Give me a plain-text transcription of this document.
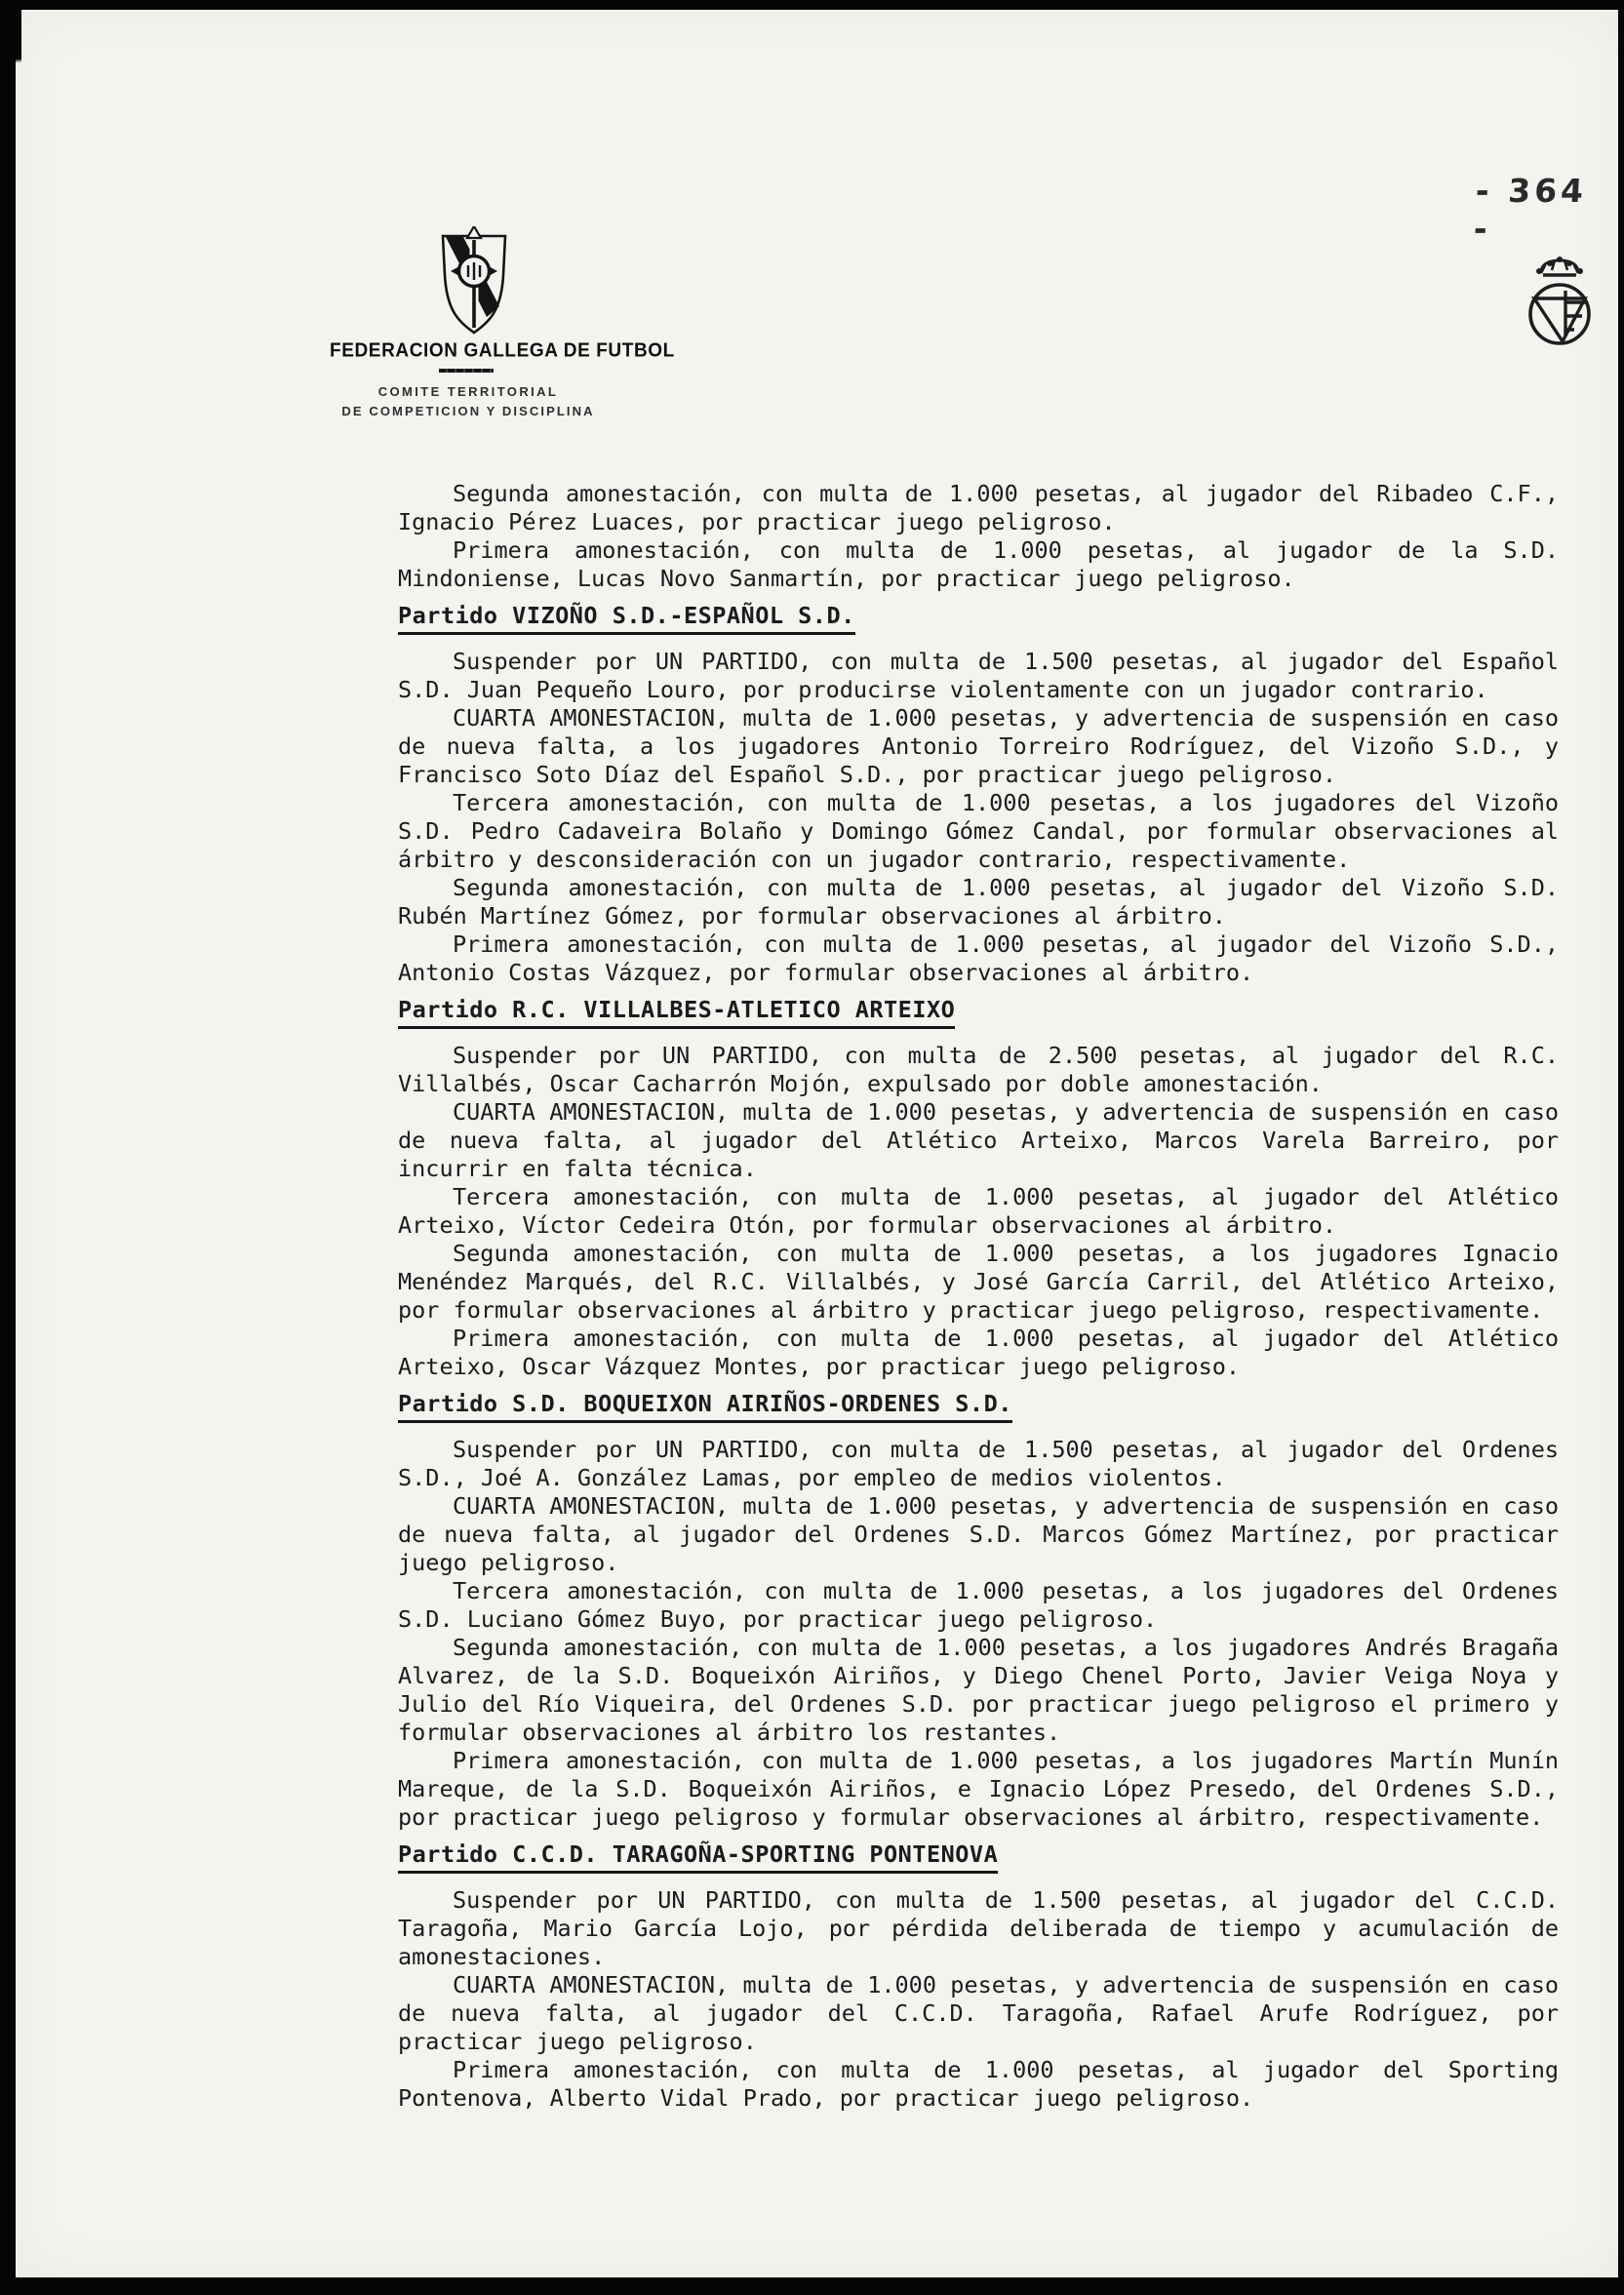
- 364 -
FEDERACION GALLEGA DE FUTBOL
COMITE TERRITORIAL
DE COMPETICION Y DISCIPLINA

Segunda amonestación, con multa de 1.000 pesetas, al jugador del Ribadeo C.F., Ignacio Pérez Luaces, por practicar juego peligroso.

Primera amonestación, con multa de 1.000 pesetas, al jugador de la S.D. Mindoniense, Lucas Novo Sanmartín, por practicar juego peligroso.

Partido VIZOÑO S.D.-ESPAÑOL S.D.

Suspender por UN PARTIDO, con multa de 1.500 pesetas, al jugador del Español S.D. Juan Pequeño Louro, por producirse violentamente con un jugador contrario.

CUARTA AMONESTACION, multa de 1.000 pesetas, y advertencia de suspensión en caso de nueva falta, a los jugadores Antonio Torreiro Rodríguez, del Vizoño S.D., y Francisco Soto Díaz del Español S.D., por practicar juego peligroso.

Tercera amonestación, con multa de 1.000 pesetas, a los jugadores del Vizoño S.D. Pedro Cadaveira Bolaño y Domingo Gómez Candal, por formular observaciones al árbitro y desconsideración con un jugador contrario, respectivamente.

Segunda amonestación, con multa de 1.000 pesetas, al jugador del Vizoño S.D. Rubén Martínez Gómez, por formular observaciones al árbitro.

Primera amonestación, con multa de 1.000 pesetas, al jugador del Vizoño S.D., Antonio Costas Vázquez, por formular observaciones al árbitro.

Partido R.C. VILLALBES-ATLETICO ARTEIXO

Suspender por UN PARTIDO, con multa de 2.500 pesetas, al jugador del R.C. Villalbés, Oscar Cacharrón Mojón, expulsado por doble amonestación.

CUARTA AMONESTACION, multa de 1.000 pesetas, y advertencia de suspensión en caso de nueva falta, al jugador del Atlético Arteixo, Marcos Varela Barreiro, por incurrir en falta técnica.

Tercera amonestación, con multa de 1.000 pesetas, al jugador del Atlético Arteixo, Víctor Cedeira Otón, por formular observaciones al árbitro.

Segunda amonestación, con multa de 1.000 pesetas, a los jugadores Ignacio Menéndez Marqués, del R.C. Villalbés, y José García Carril, del Atlético Arteixo, por formular observaciones al árbitro y practicar juego peligroso, respectivamente.

Primera amonestación, con multa de 1.000 pesetas, al jugador del Atlético Arteixo, Oscar Vázquez Montes, por practicar juego peligroso.

Partido S.D. BOQUEIXON AIRIÑOS-ORDENES S.D.

Suspender por UN PARTIDO, con multa de 1.500 pesetas, al jugador del Ordenes S.D., Joé A. González Lamas, por empleo de medios violentos.

CUARTA AMONESTACION, multa de 1.000 pesetas, y advertencia de suspensión en caso de nueva falta, al jugador del Ordenes S.D. Marcos Gómez Martínez, por practicar juego peligroso.

Tercera amonestación, con multa de 1.000 pesetas, a los jugadores del Ordenes S.D. Luciano Gómez Buyo, por practicar juego peligroso.

Segunda amonestación, con multa de 1.000 pesetas, a los jugadores Andrés Bragaña Alvarez, de la S.D. Boqueixón Airiños, y Diego Chenel Porto, Javier Veiga Noya y Julio del Río Viqueira, del Ordenes S.D. por practicar juego peligroso el primero y formular observaciones al árbitro los restantes.

Primera amonestación, con multa de 1.000 pesetas, a los jugadores Martín Munín Mareque, de la S.D. Boqueixón Airiños, e Ignacio López Presedo, del Ordenes S.D., por practicar juego peligroso y formular observaciones al árbitro, respectivamente.

Partido C.C.D. TARAGOÑA-SPORTING PONTENOVA

Suspender por UN PARTIDO, con multa de 1.500 pesetas, al jugador del C.C.D. Taragoña, Mario García Lojo, por pérdida deliberada de tiempo y acumulación de amonestaciones.

CUARTA AMONESTACION, multa de 1.000 pesetas, y advertencia de suspensión en caso de nueva falta, al jugador del C.C.D. Taragoña, Rafael Arufe Rodríguez, por practicar juego peligroso.

Primera amonestación, con multa de 1.000 pesetas, al jugador del Sporting Pontenova, Alberto Vidal Prado, por practicar juego peligroso.
